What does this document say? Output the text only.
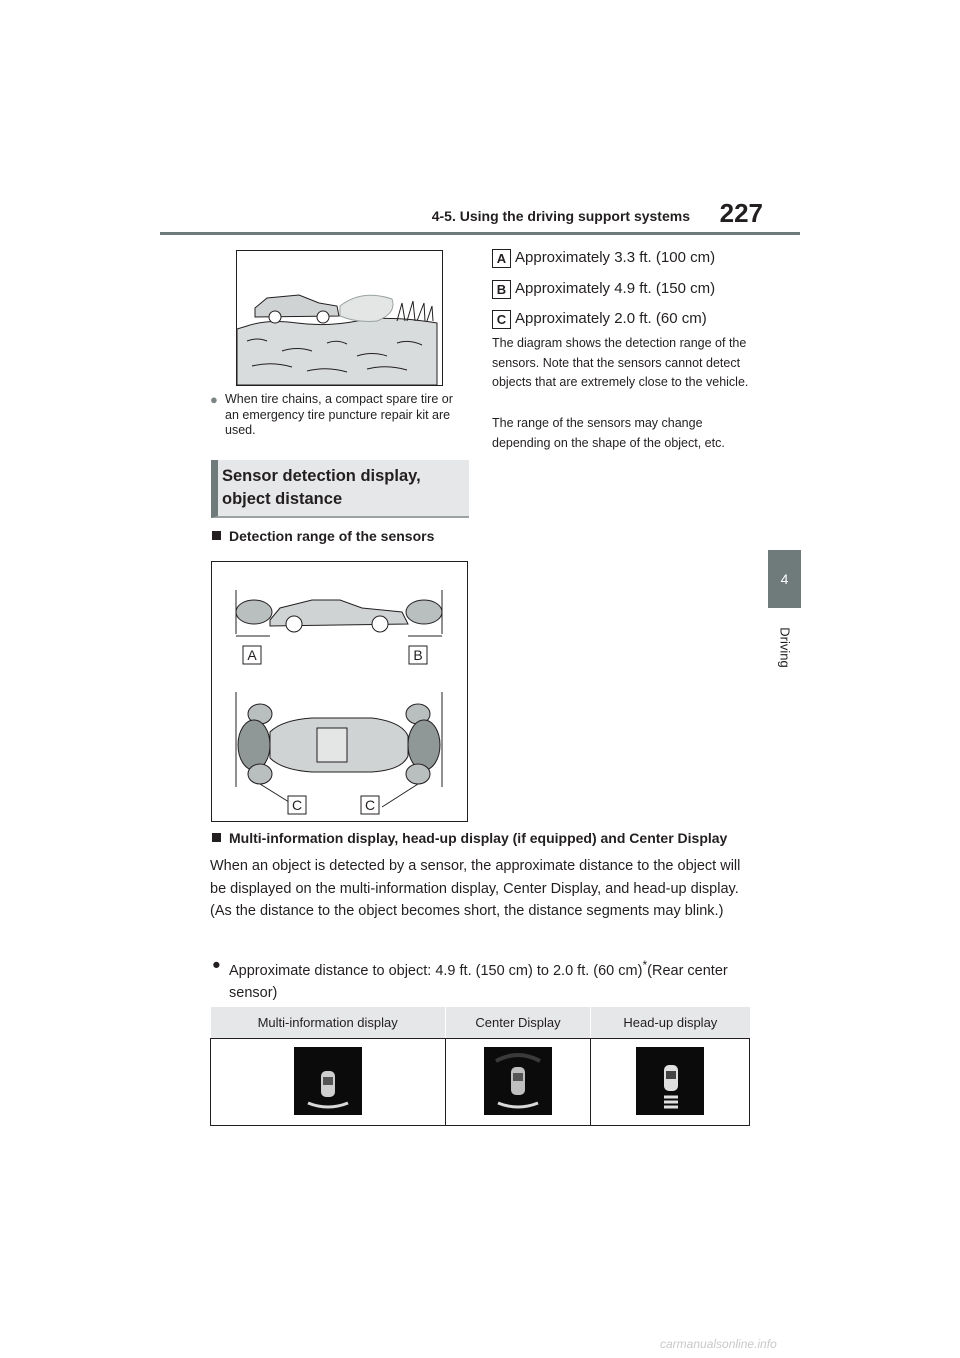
4-5. Using the driving support systems	227
4
Driving
● When tire chains, a compact spare tire or an emergency tire puncture repair kit are used.
Sensor detection display, object distance
Detection range of the sensors
A	B
C	C
A Approximately 3.3 ft. (100 cm)
B Approximately 4.9 ft. (150 cm)
C Approximately 2.0 ft. (60 cm)
The diagram shows the detection range of the sensors. Note that the sensors cannot detect objects that are extremely close to the vehicle.
The range of the sensors may change depending on the shape of the object, etc.
Multi-information display, head-up display (if equipped) and Center Display
When an object is detected by a sensor, the approximate distance to the object will be displayed on the multi-information display, Center Display, and head-up display. (As the distance to the object becomes short, the distance segments may blink.)
● Approximate distance to object: 4.9 ft. (150 cm) to 2.0 ft. (60 cm)*(Rear center sensor)
Multi-information display	Center Display	Head-up display

carmanualsonline.info
